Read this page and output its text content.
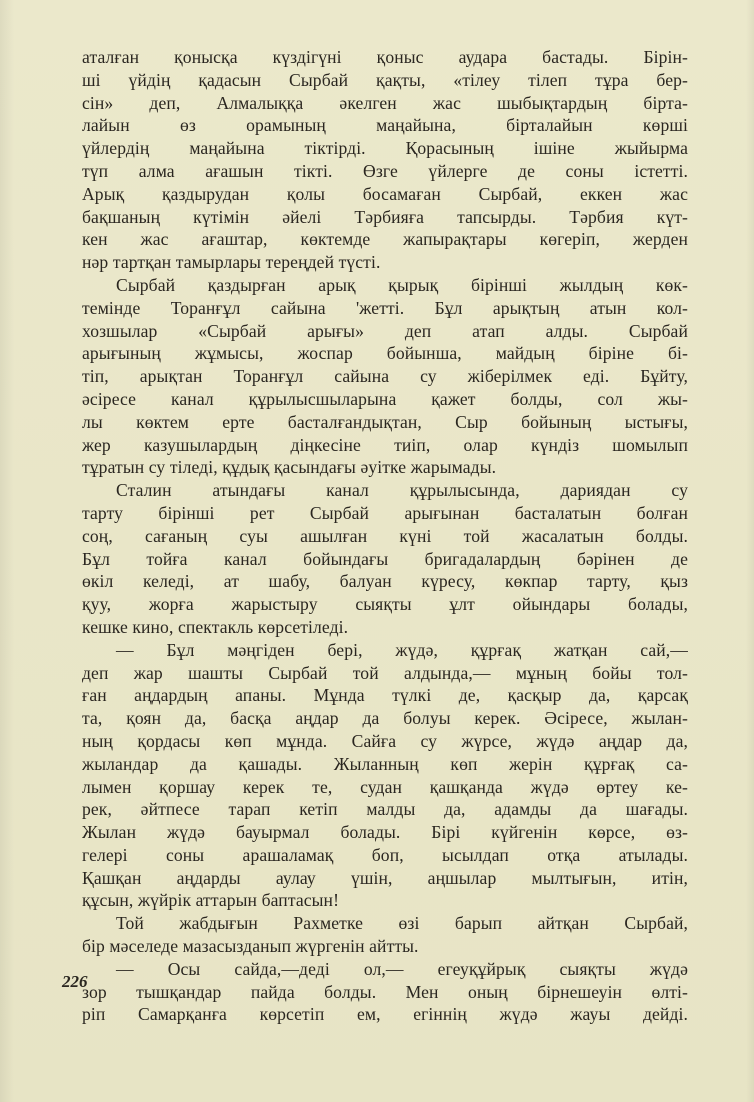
аталған қонысқа күздігүні қоныс аудара бастады. Бірін-
ші үйдің қадасын Сырбай қақты, «тілеу тілеп тұра бер-
сін» деп, Алмалыққа әкелген жас шыбықтардың бірта-
лайын өз орамының маңайына, бірталайын көрші
үйлердің маңайына тіктірді. Қорасының ішіне жыйырма
түп алма ағашын тікті. Өзге үйлерге де соны істетті.
Арық қаздырудан қолы босамаған Сырбай, еккен жас
бақшаның күтімін әйелі Тәрбияға тапсырды. Тәрбия күт-
кен жас ағаштар, көктемде жапырақтары көгеріп, жерден
нәр тартқан тамырлары тереңдей түсті.
Сырбай қаздырған арық қырық бірінші жылдың көк-
темінде Торанғұл сайына 'жетті. Бұл арықтың атын кол-
хозшылар «Сырбай арығы» деп атап алды. Сырбай
арығының жұмысы, жоспар бойынша, майдың біріне бі-
тіп, арықтан Торанғұл сайына су жіберілмек еді. Бұйту,
әсіресе канал құрылысшыларына қажет болды, сол жы-
лы көктем ерте басталғандықтан, Сыр бойының ыстығы,
жер казушылардың діңкесіне тиіп, олар күндіз шомылып
тұратын су тіледі, құдық қасындағы әуітке жарымады.
Сталин атындағы канал құрылысында, дариядан су
тарту бірінші рет Сырбай арығынан басталатын болған
соң, сағаның суы ашылған күні той жасалатын болды.
Бұл тойға канал бойындағы бригадалардың бәрінен де
өкіл келеді, ат шабу, балуан күресу, көкпар тарту, қыз
қуу, жорға жарыстыру сыяқты ұлт ойындары болады,
кешке кино, спектакль көрсетіледі.
— Бұл мәңгіден бері, жүдә, құрғақ жатқан сай,—
деп жар шашты Сырбай той алдында,— мұның бойы тол-
ған аңдардың апаны. Мұнда түлкі де, қасқыр да, қарсақ
та, қоян да, басқа аңдар да болуы керек. Әсіресе, жылан-
ның қордасы көп мұнда. Сайға су жүрсе, жүдә аңдар да,
жыландар да қашады. Жыланның көп жерін құрғақ са-
лымен қоршау керек те, судан қашқанда жүдә өртеу ке-
рек, әйтпесе тарап кетіп малды да, адамды да шағады.
Жылан жүдә бауырмал болады. Бірі күйгенін көрсе, өз-
гелері соны арашаламақ боп, ысылдап отқа атылады.
Қашқан аңдарды аулау үшін, аңшылар мылтығын, итін,
құсын, жүйрік аттарын баптасын!
Той жабдығын Рахметке өзі барып айтқан Сырбай,
бір мәселеде мазасызданып жүргенін айтты.
— Осы сайда,—деді ол,— егеуқұйрық сыяқты жүдә
зор тышқандар пайда болды. Мен оның бірнешеуін өлті-
ріп Самарқанға көрсетіп ем, егіннің жүдә жауы дейді.
226
